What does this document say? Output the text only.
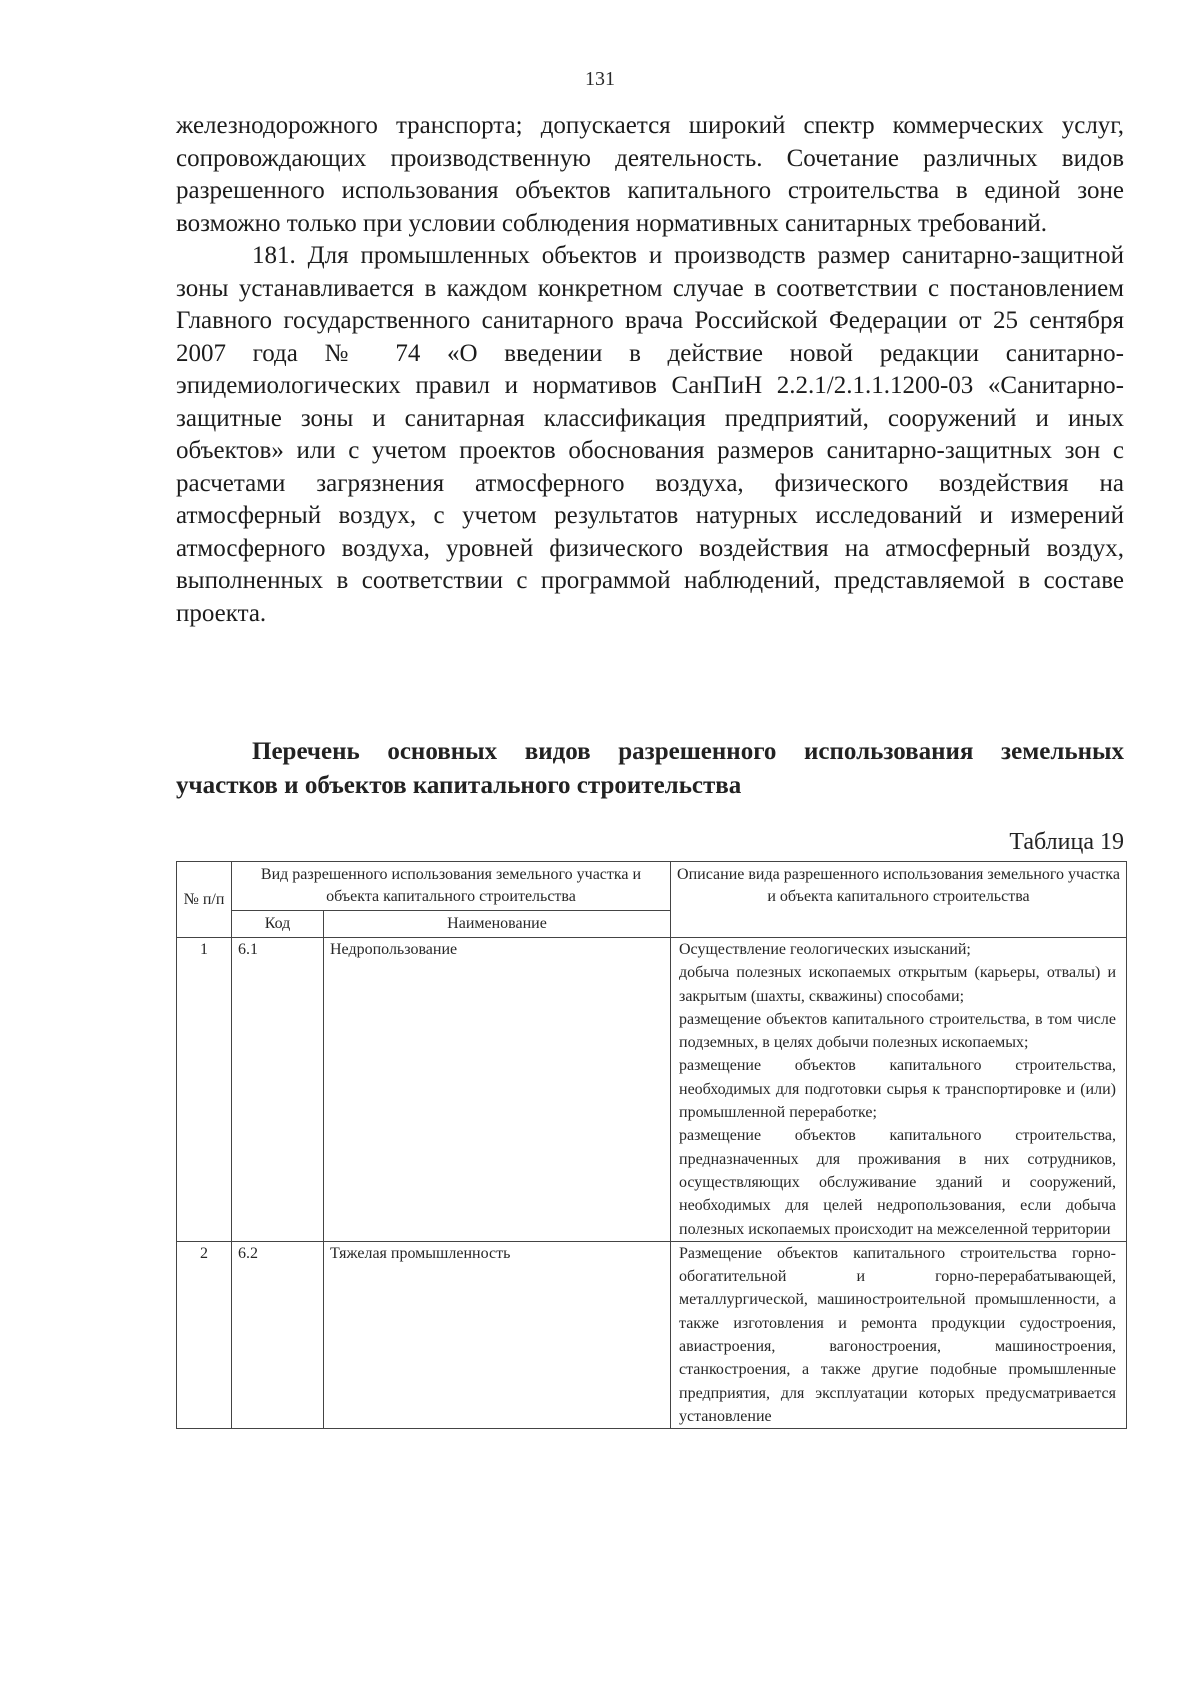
131

железнодорожного транспорта; допускается широкий спектр коммерческих услуг, сопровождающих производственную деятельность. Сочетание различных видов разрешенного использования объектов капитального строительства в единой зоне возможно только при условии соблюдения нормативных санитарных требований.

181. Для промышленных объектов и производств размер санитарно-защитной зоны устанавливается в каждом конкретном случае в соответствии с постановлением Главного государственного санитарного врача Российской Федерации от 25 сентября 2007 года № 74 «О введении в действие новой редакции санитарно-эпидемиологических правил и нормативов СанПиН 2.2.1/2.1.1.1200-03 «Санитарно-защитные зоны и санитарная классификация предприятий, сооружений и иных объектов» или с учетом проектов обоснования размеров санитарно-защитных зон с расчетами загрязнения атмосферного воздуха, физического воздействия на атмосферный воздух, с учетом результатов натурных исследований и измерений атмосферного воздуха, уровней физического воздействия на атмосферный воздух, выполненных в соответствии с программой наблюдений, представляемой в составе проекта.

Перечень основных видов разрешенного использования земельных участков и объектов капитального строительства
Таблица 19
№ п/п	Вид разрешенного использования земельного участка и объекта капитального строительства		Описание вида разрешенного использования земельного участка и объекта капитального строительства
	Код	Наименование	
1	6.1	Недропользование	Осуществление геологических изысканий;
добыча полезных ископаемых открытым (карьеры, отвалы) и закрытым (шахты, скважины) способами;
размещение объектов капитального строительства, в том числе подземных, в целях добычи полезных ископаемых;
размещение объектов капитального строительства, необходимых для подготовки сырья к транспортировке и (или) промышленной переработке;
размещение объектов капитального строительства, предназначенных для проживания в них сотрудников, осуществляющих обслуживание зданий и сооружений, необходимых для целей недропользования, если добыча полезных ископаемых происходит на межселенной территории

2	6.2	Тяжелая промышленность	Размещение объектов капитального строительства горно-обогатительной и горно-перерабатывающей, металлургической, машиностроительной промышленности, а также изготовления и ремонта продукции судостроения, авиастроения, вагоностроения, машиностроения, станкостроения, а также другие подобные промышленные предприятия, для эксплуатации которых предусматривается установление
